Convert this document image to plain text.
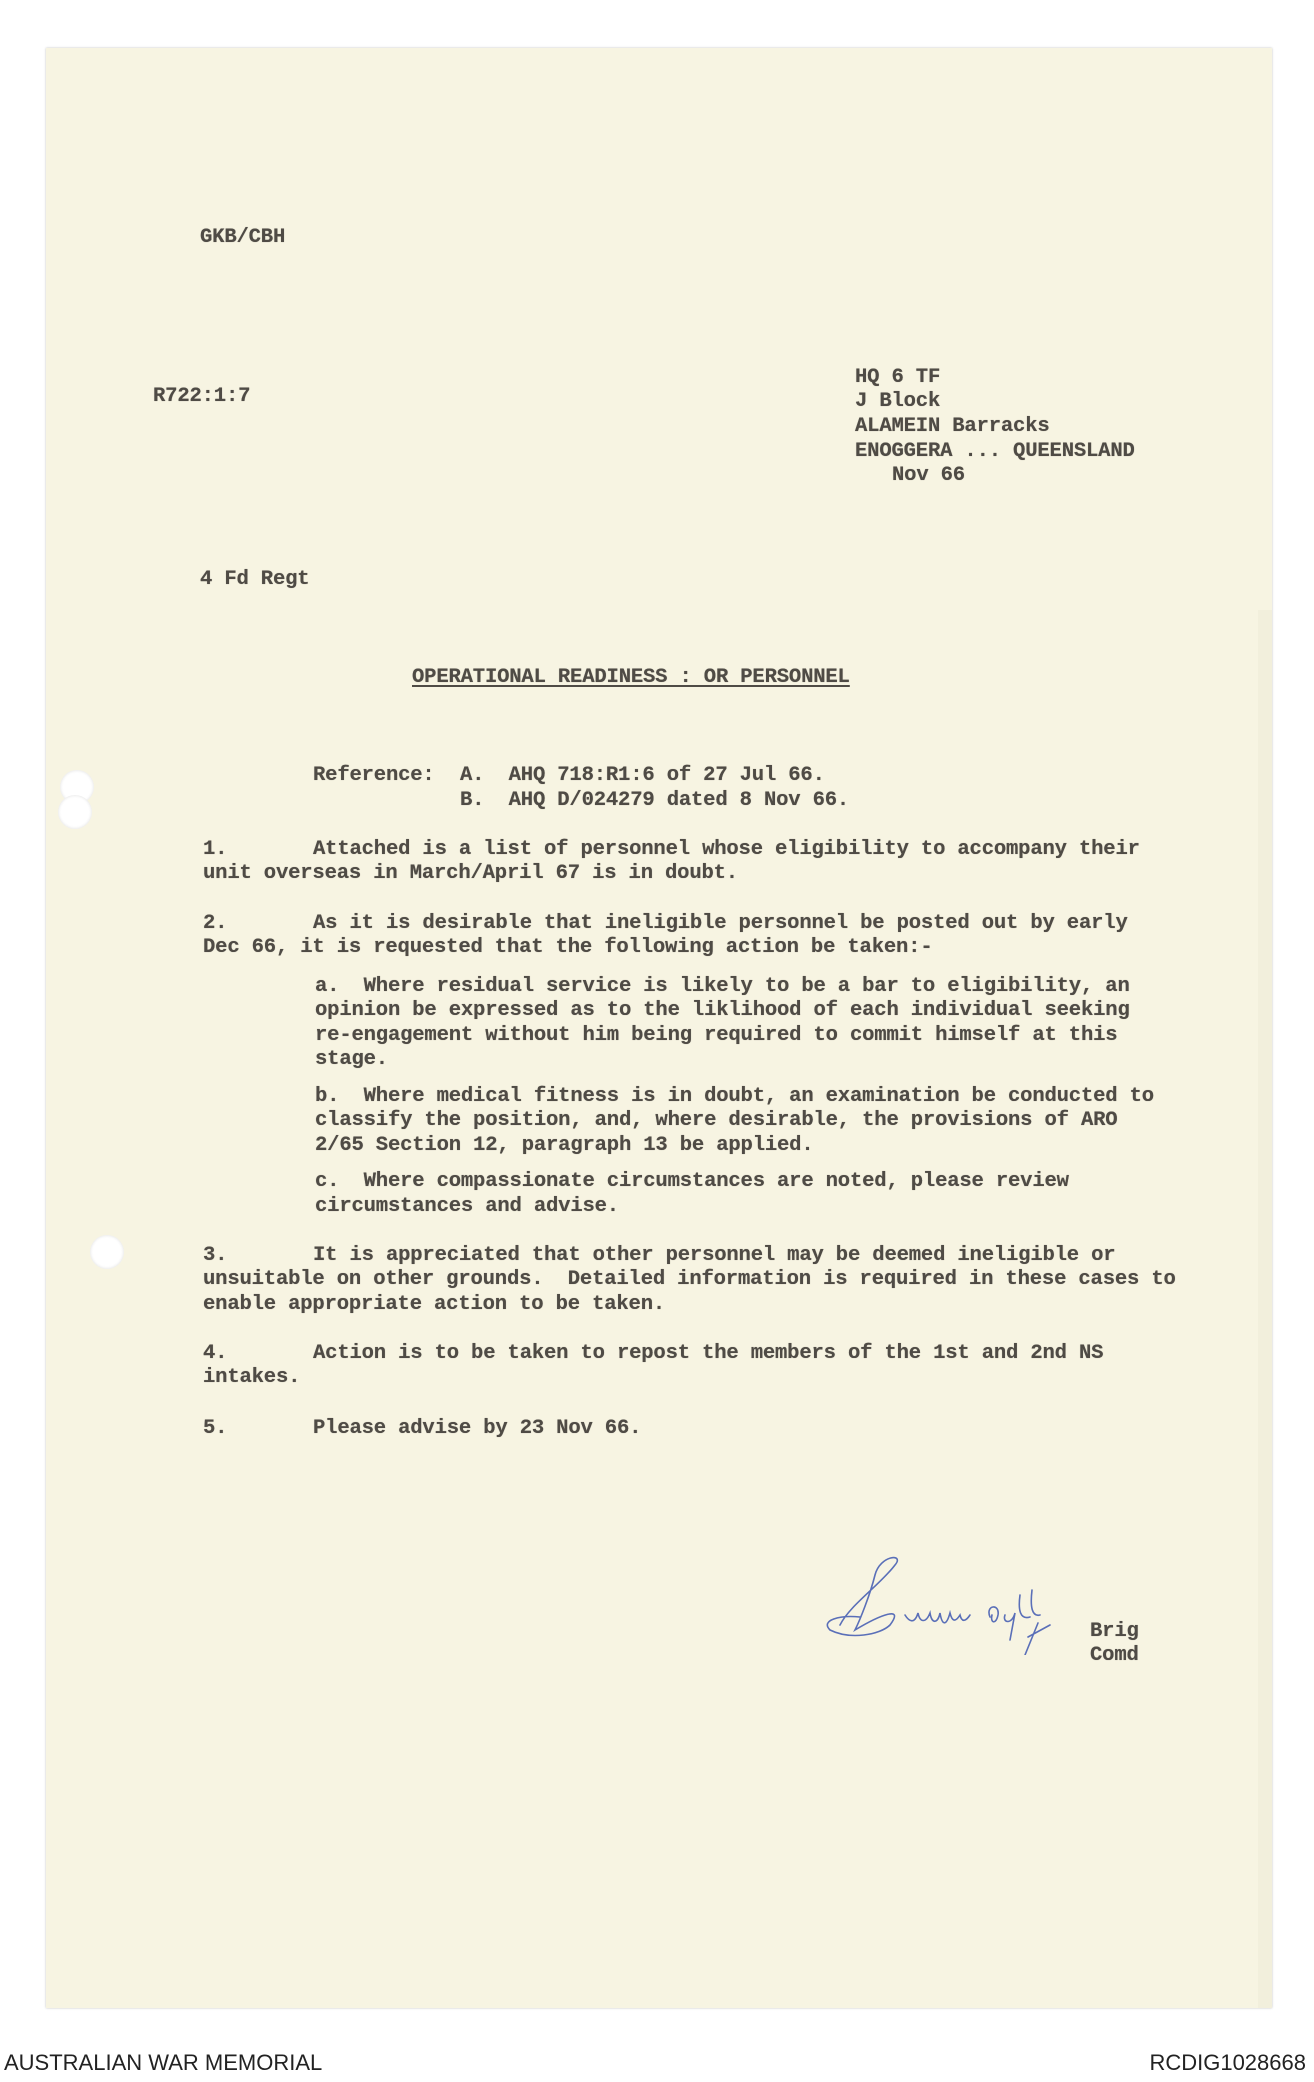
GKB/CBH
R722:1:7
HQ 6 TF
J Block
ALAMEIN Barracks
ENOGGERA ... QUEENSLAND
Nov 66
4 Fd Regt
OPERATIONAL READINESS : OR PERSONNEL
Reference: A.  AHQ 718:R1:6 of 27 Jul 66.
B.  AHQ D/024279 dated 8 Nov 66.
1.	Attached is a list of personnel whose eligibility to accompany their
unit overseas in March/April 67 is in doubt.
2.	As it is desirable that ineligible personnel be posted out by early
Dec 66, it is requested that the following action be taken:-
a.  Where residual service is likely to be a bar to eligibility, an
opinion be expressed as to the liklihood of each individual seeking
re-engagement without him being required to commit himself at this
stage.
b.  Where medical fitness is in doubt, an examination be conducted to
classify the position, and, where desirable, the provisions of ARO
2/65 Section 12, paragraph 13 be applied.
c.  Where compassionate circumstances are noted, please review
circumstances and advise.
3.	It is appreciated that other personnel may be deemed ineligible or
unsuitable on other grounds.  Detailed information is required in these cases to
enable appropriate action to be taken.
4.	Action is to be taken to repost the members of the 1st and 2nd NS
intakes.
5.	Please advise by 23 Nov 66.
Brig
Comd
AUSTRALIAN WAR MEMORIAL	RCDIG1028668
